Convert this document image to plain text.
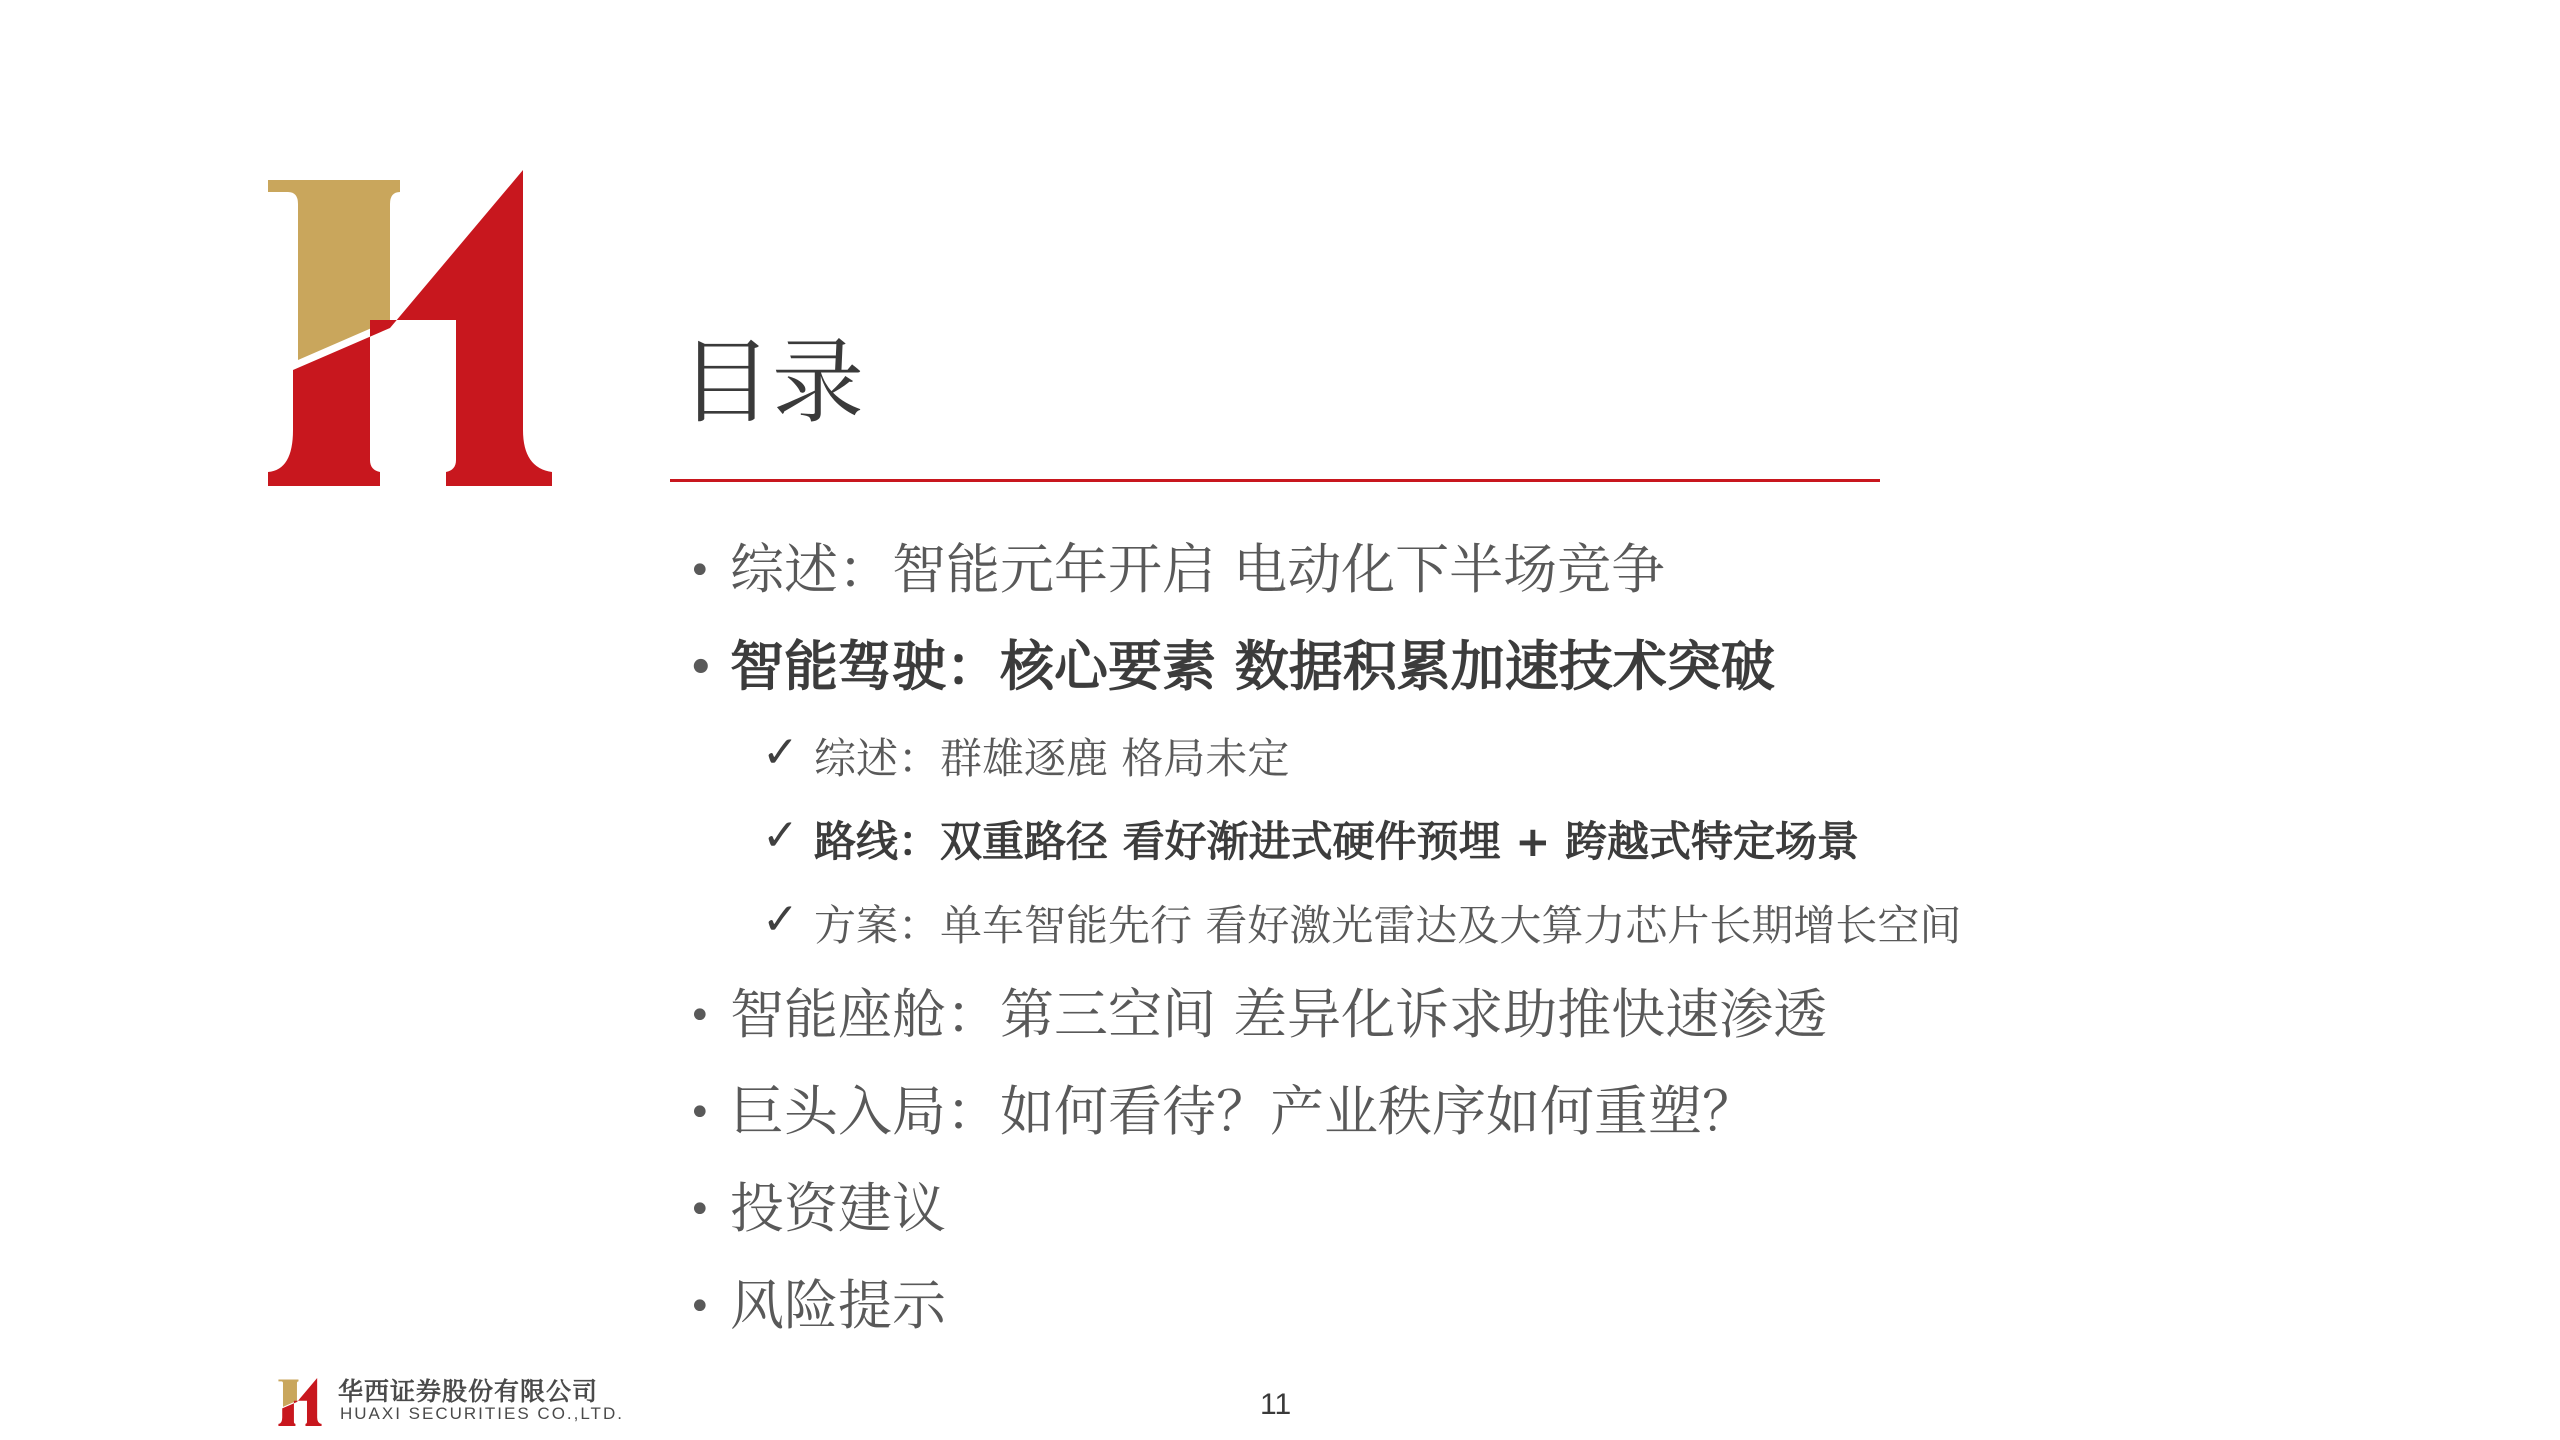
目录
• 综述：智能元年开启 电动化下半场竞争
• 智能驾驶：核心要素 数据积累加速技术突破
✓ 综述：群雄逐鹿 格局未定
✓ 路线：双重路径 看好渐进式硬件预埋 + 跨越式特定场景
✓ 方案：单车智能先行 看好激光雷达及大算力芯片长期增长空间
• 智能座舱：第三空间 差异化诉求助推快速渗透
• 巨头入局：如何看待？产业秩序如何重塑？
• 投资建议
• 风险提示
华西证券股份有限公司
HUAXI SECURITIES CO.,LTD.	11
